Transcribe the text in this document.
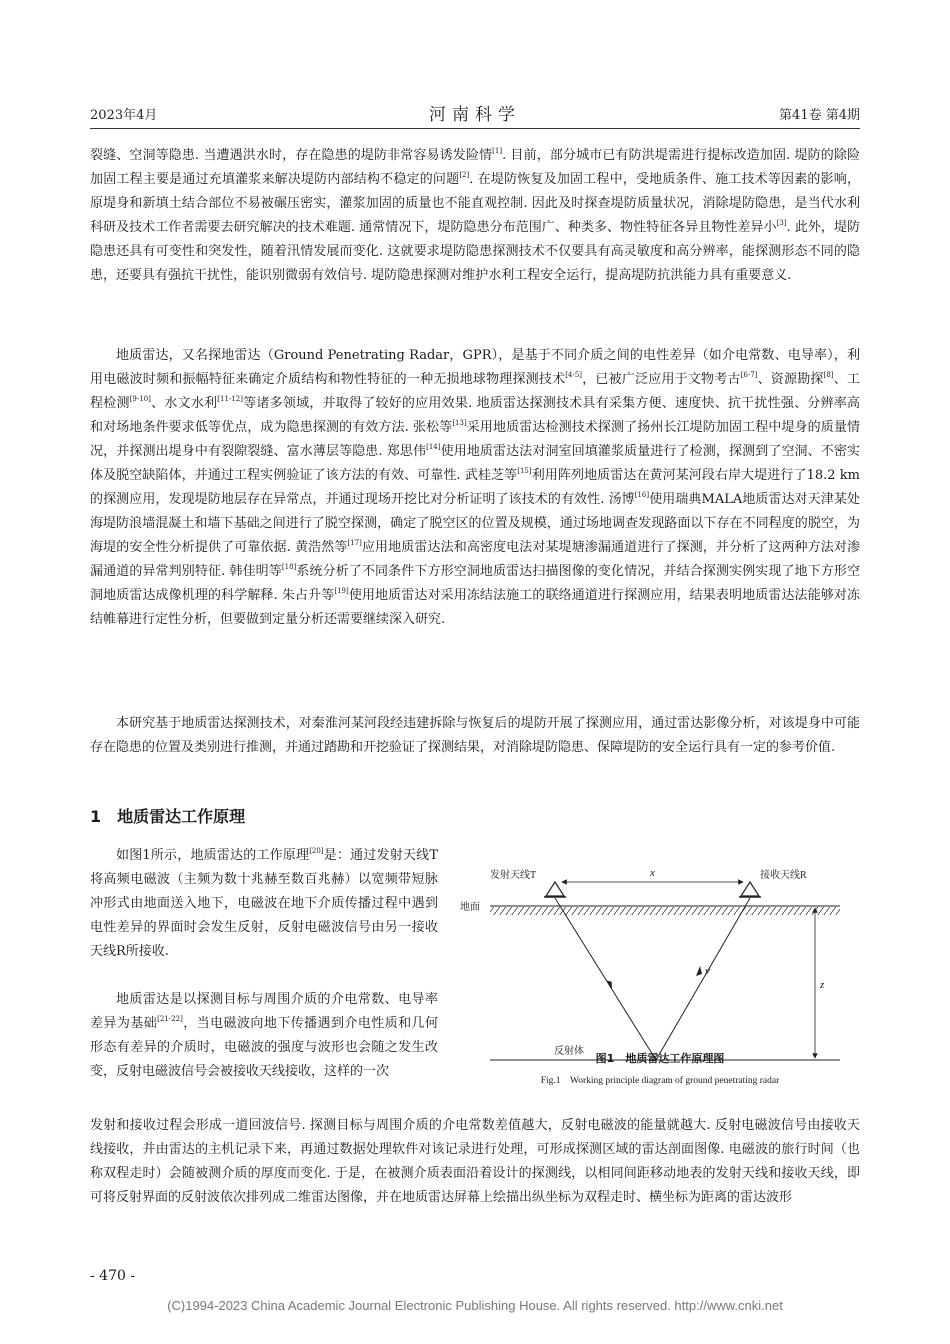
2023年4月	河南科学	第41卷 第4期

裂缝、空洞等隐患. 当遭遇洪水时，存在隐患的堤防非常容易诱发险情[1]. 目前，部分城市已有防洪堤需进行提标改造加固. 堤防的除险加固工程主要是通过充填灌浆来解决堤防内部结构不稳定的问题[2]. 在堤防恢复及加固工程中，受地质条件、施工技术等因素的影响，原堤身和新填土结合部位不易被碾压密实，灌浆加固的质量也不能直观控制. 因此及时探查堤防质量状况，消除堤防隐患，是当代水利科研及技术工作者需要去研究解决的技术难题. 通常情况下，堤防隐患分布范围广、种类多、物性特征各异且物性差异小[3]. 此外，堤防隐患还具有可变性和突发性，随着汛情发展而变化. 这就要求堤防隐患探测技术不仅要具有高灵敏度和高分辨率，能探测形态不同的隐患，还要具有强抗干扰性，能识别微弱有效信号. 堤防隐患探测对维护水利工程安全运行，提高堤防抗洪能力具有重要意义.

地质雷达，又名探地雷达（Ground Penetrating Radar，GPR），是基于不同介质之间的电性差异（如介电常数、电导率），利用电磁波时频和振幅特征来确定介质结构和物性特征的一种无损地球物理探测技术[4-5]，已被广泛应用于文物考古[6-7]、资源勘探[8]、工程检测[9-10]、水文水利[11-12]等诸多领域，并取得了较好的应用效果. 地质雷达探测技术具有采集方便、速度快、抗干扰性强、分辨率高和对场地条件要求低等优点，成为隐患探测的有效方法. 张松等[13]采用地质雷达检测技术探测了扬州长江堤防加固工程中堤身的质量情况，并探测出堤身中有裂隙裂缝、富水薄层等隐患. 郑思伟[14]使用地质雷达法对洞室回填灌浆质量进行了检测，探测到了空洞、不密实体及脱空缺陷体，并通过工程实例验证了该方法的有效、可靠性. 武桂芝等[15]利用阵列地质雷达在黄河某河段右岸大堤进行了18.2 km的探测应用，发现堤防地层存在异常点，并通过现场开挖比对分析证明了该技术的有效性. 汤博[16]使用瑞典MALA地质雷达对天津某处海堤防浪墙混凝土和墙下基础之间进行了脱空探测，确定了脱空区的位置及规模，通过场地调查发现路面以下存在不同程度的脱空，为海堤的安全性分析提供了可靠依据. 黄浩然等[17]应用地质雷达法和高密度电法对某堤塘渗漏通道进行了探测，并分析了这两种方法对渗漏通道的异常判别特征. 韩佳明等[18]系统分析了不同条件下方形空洞地质雷达扫描图像的变化情况，并结合探测实例实现了地下方形空洞地质雷达成像机理的科学解释. 朱占升等[19]使用地质雷达对采用冻结法施工的联络通道进行探测应用，结果表明地质雷达法能够对冻结帷幕进行定性分析，但要做到定量分析还需要继续深入研究.

本研究基于地质雷达探测技术，对秦淮河某河段经违建拆除与恢复后的堤防开展了探测应用，通过雷达影像分析，对该堤身中可能存在隐患的位置及类别进行推测，并通过踏勘和开挖验证了探测结果，对消除堤防隐患、保障堤防的安全运行具有一定的参考价值.

1 地质雷达工作原理

如图1所示，地质雷达的工作原理[20]是：通过发射天线T将高频电磁波（主频为数十兆赫至数百兆赫）以宽频带短脉冲形式由地面送入地下，电磁波在地下介质传播过程中遇到电性差异的界面时会发生反射，反射电磁波信号由另一接收天线R所接收.

地质雷达是以探测目标与周围介质的介电常数、电导率差异为基础[21-22]，当电磁波向地下传播遇到介电性质和几何形态有差异的介质时，电磁波的强度与波形也会随之发生改变，反射电磁波信号会被接收天线接收，这样的一次

发射和接收过程会形成一道回波信号. 探测目标与周围介质的介电常数差值越大，反射电磁波的能量就越大. 反射电磁波信号由接收天线接收，并由雷达的主机记录下来，再通过数据处理软件对该记录进行处理，可形成探测区域的雷达剖面图像. 电磁波的旅行时间（也称双程走时）会随被测介质的厚度而变化. 于是，在被测介质表面沿着设计的探测线，以相同间距移动地表的发射天线和接收天线，即可将反射界面的反射波依次排列成二维雷达图像，并在地质雷达屏幕上绘描出纵坐标为双程走时、横坐标为距离的雷达波形

发射天线T	接收天线R
x
地面
v
z
反射体
图1　地质雷达工作原理图
Fig.1　Working principle diagram of ground penetrating radar
- 470 -
(C)1994-2023 China Academic Journal Electronic Publishing House. All rights reserved. http://www.cnki.net
